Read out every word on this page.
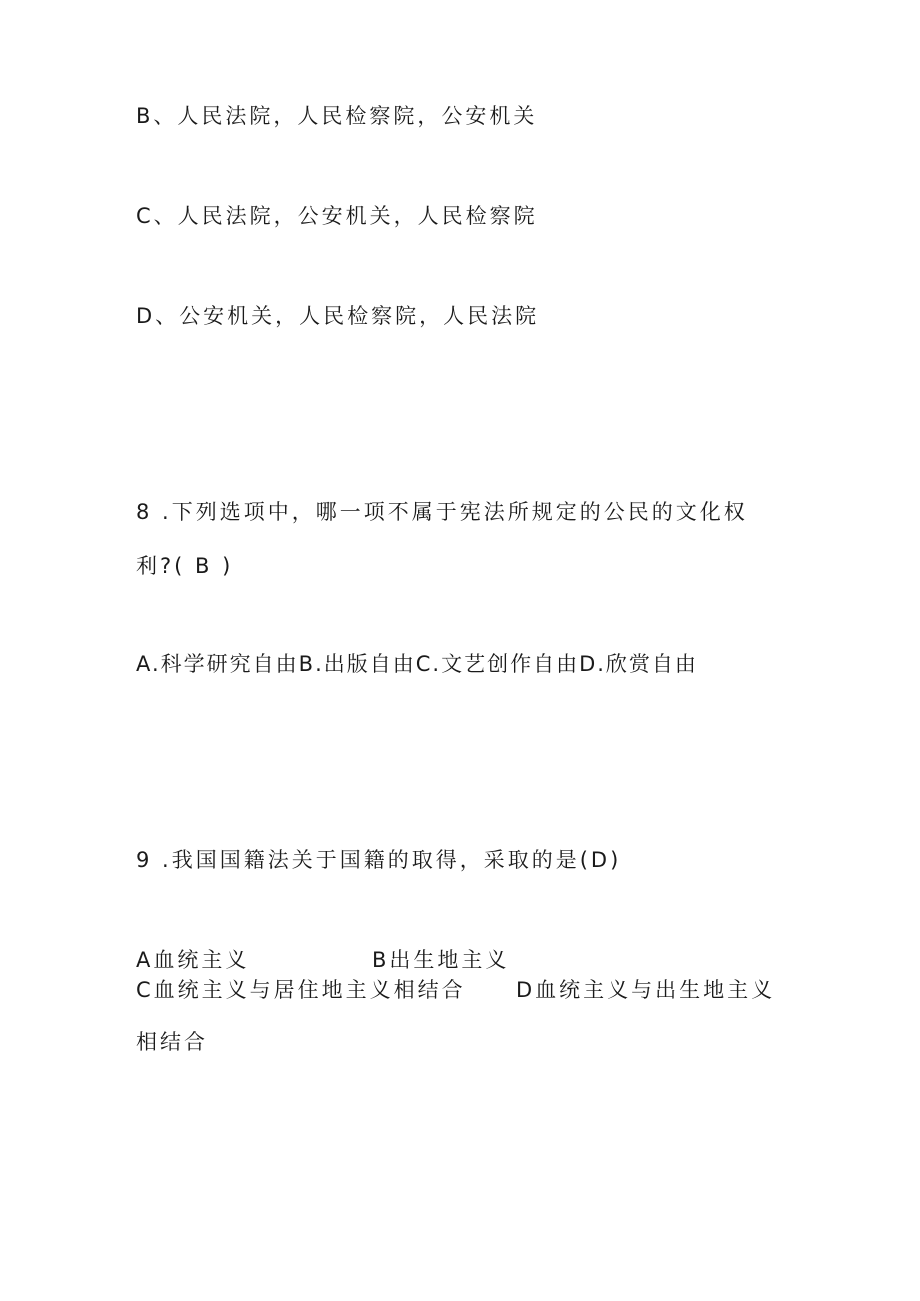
B、人民法院，人民检察院，公安机关
C、人民法院，公安机关，人民检察院
D、公安机关，人民检察院，人民法院
8 .下列选项中，哪一项不属于宪法所规定的公民的文化权
利?( B )
A.科学研究自由B.出版自由C.文艺创作自由D.欣赏自由
9 .我国国籍法关于国籍的取得，采取的是(D)
A血统主义	B出生地主义
C血统主义与居住地主义相结合 D血统主义与出生地主义
相结合
